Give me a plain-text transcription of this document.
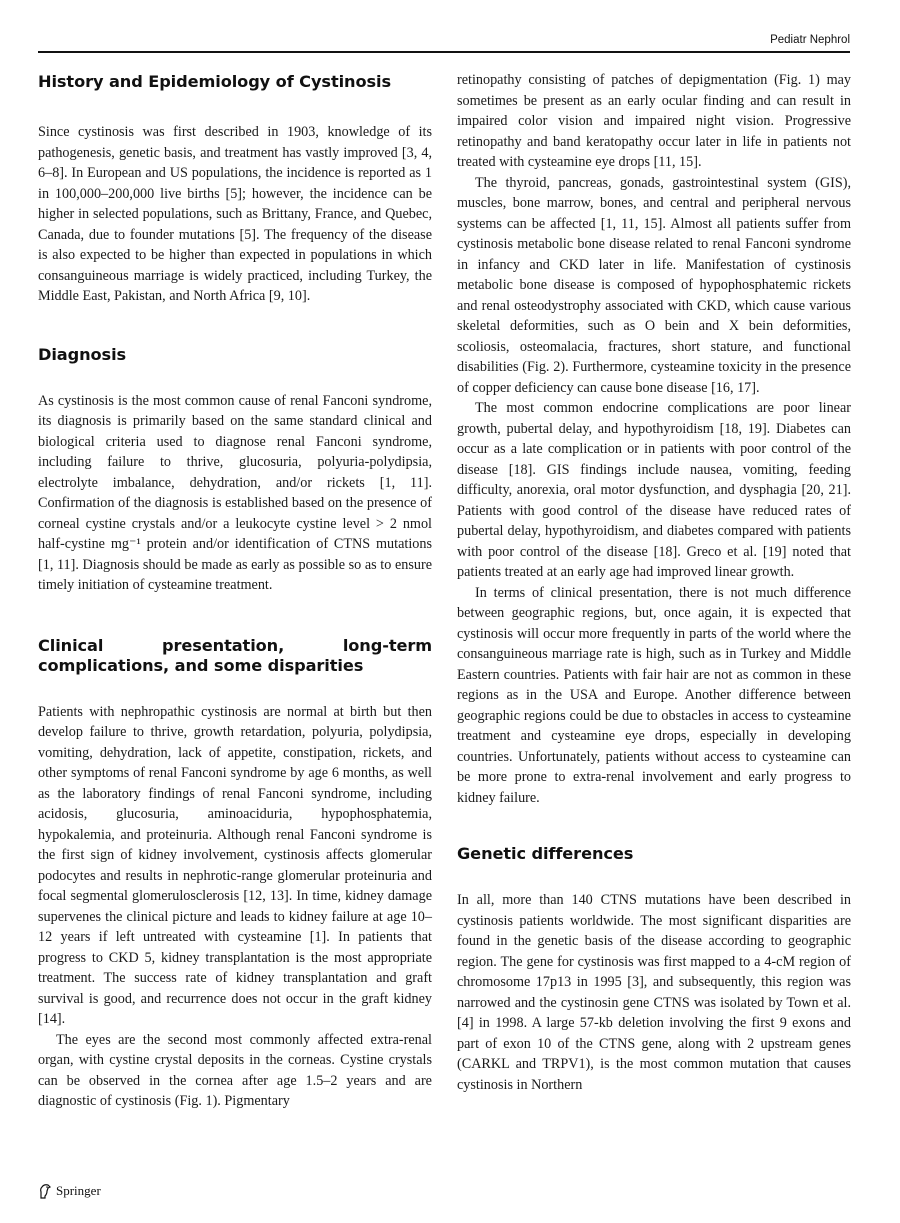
Pediatr Nephrol
History and Epidemiology of Cystinosis

Since cystinosis was first described in 1903, knowledge of its pathogenesis, genetic basis, and treatment has vastly improved [3, 4, 6–8]. In European and US populations, the incidence is reported as 1 in 100,000–200,000 live births [5]; however, the incidence can be higher in selected populations, such as Brittany, France, and Quebec, Canada, due to founder mutations [5]. The frequency of the disease is also expected to be higher than expected in populations in which consanguineous marriage is widely practiced, including Turkey, the Middle East, Pakistan, and North Africa [9, 10].

Diagnosis

As cystinosis is the most common cause of renal Fanconi syndrome, its diagnosis is primarily based on the same standard clinical and biological criteria used to diagnose renal Fanconi syndrome, including failure to thrive, glucosuria, polyuria-polydipsia, electrolyte imbalance, dehydration, and/or rickets [1, 11]. Confirmation of the diagnosis is established based on the presence of corneal cystine crystals and/or a leukocyte cystine level > 2 nmol half-cystine mg⁻¹ protein and/or identification of CTNS mutations [1, 11]. Diagnosis should be made as early as possible so as to ensure timely initiation of cysteamine treatment.

Clinical presentation, long-term complications, and some disparities

Patients with nephropathic cystinosis are normal at birth but then develop failure to thrive, growth retardation, polyuria, polydipsia, vomiting, dehydration, lack of appetite, constipation, rickets, and other symptoms of renal Fanconi syndrome by age 6 months, as well as the laboratory findings of renal Fanconi syndrome, including acidosis, glucosuria, aminoaciduria, hypophosphatemia, hypokalemia, and proteinuria. Although renal Fanconi syndrome is the first sign of kidney involvement, cystinosis affects glomerular podocytes and results in nephrotic-range glomerular proteinuria and focal segmental glomerulosclerosis [12, 13]. In time, kidney damage supervenes the clinical picture and leads to kidney failure at age 10–12 years if left untreated with cysteamine [1]. In patients that progress to CKD 5, kidney transplantation is the most appropriate treatment. The success rate of kidney transplantation and graft survival is good, and recurrence does not occur in the graft kidney [14].

The eyes are the second most commonly affected extra-renal organ, with cystine crystal deposits in the corneas. Cystine crystals can be observed in the cornea after age 1.5–2 years and are diagnostic of cystinosis (Fig. 1). Pigmentary

retinopathy consisting of patches of depigmentation (Fig. 1) may sometimes be present as an early ocular finding and can result in impaired color vision and impaired night vision. Progressive retinopathy and band keratopathy occur later in life in patients not treated with cysteamine eye drops [11, 15].

The thyroid, pancreas, gonads, gastrointestinal system (GIS), muscles, bone marrow, bones, and central and peripheral nervous systems can be affected [1, 11, 15]. Almost all patients suffer from cystinosis metabolic bone disease related to renal Fanconi syndrome in infancy and CKD later in life. Manifestation of cystinosis metabolic bone disease is composed of hypophosphatemic rickets and renal osteodystrophy associated with CKD, which cause various skeletal deformities, such as O bein and X bein deformities, scoliosis, osteomalacia, fractures, short stature, and functional disabilities (Fig. 2). Furthermore, cysteamine toxicity in the presence of copper deficiency can cause bone disease [16, 17].

The most common endocrine complications are poor linear growth, pubertal delay, and hypothyroidism [18, 19]. Diabetes can occur as a late complication or in patients with poor control of the disease [18]. GIS findings include nausea, vomiting, feeding difficulty, anorexia, oral motor dysfunction, and dysphagia [20, 21]. Patients with good control of the disease have reduced rates of pubertal delay, hypothyroidism, and diabetes compared with patients with poor control of the disease [18]. Greco et al. [19] noted that patients treated at an early age had improved linear growth.

In terms of clinical presentation, there is not much difference between geographic regions, but, once again, it is expected that cystinosis will occur more frequently in parts of the world where the consanguineous marriage rate is high, such as in Turkey and Middle Eastern countries. Patients with fair hair are not as common in these regions as in the USA and Europe. Another difference between geographic regions could be due to obstacles in access to cysteamine treatment and cysteamine eye drops, especially in developing countries. Unfortunately, patients without access to cysteamine can be more prone to extra-renal involvement and early progress to kidney failure.

Genetic differences

In all, more than 140 CTNS mutations have been described in cystinosis patients worldwide. The most significant disparities are found in the genetic basis of the disease according to geographic region. The gene for cystinosis was first mapped to a 4-cM region of chromosome 17p13 in 1995 [3], and subsequently, this region was narrowed and the cystinosin gene CTNS was isolated by Town et al. [4] in 1998. A large 57-kb deletion involving the first 9 exons and part of exon 10 of the CTNS gene, along with 2 upstream genes (CARKL and TRPV1), is the most common mutation that causes cystinosis in Northern

Springer
